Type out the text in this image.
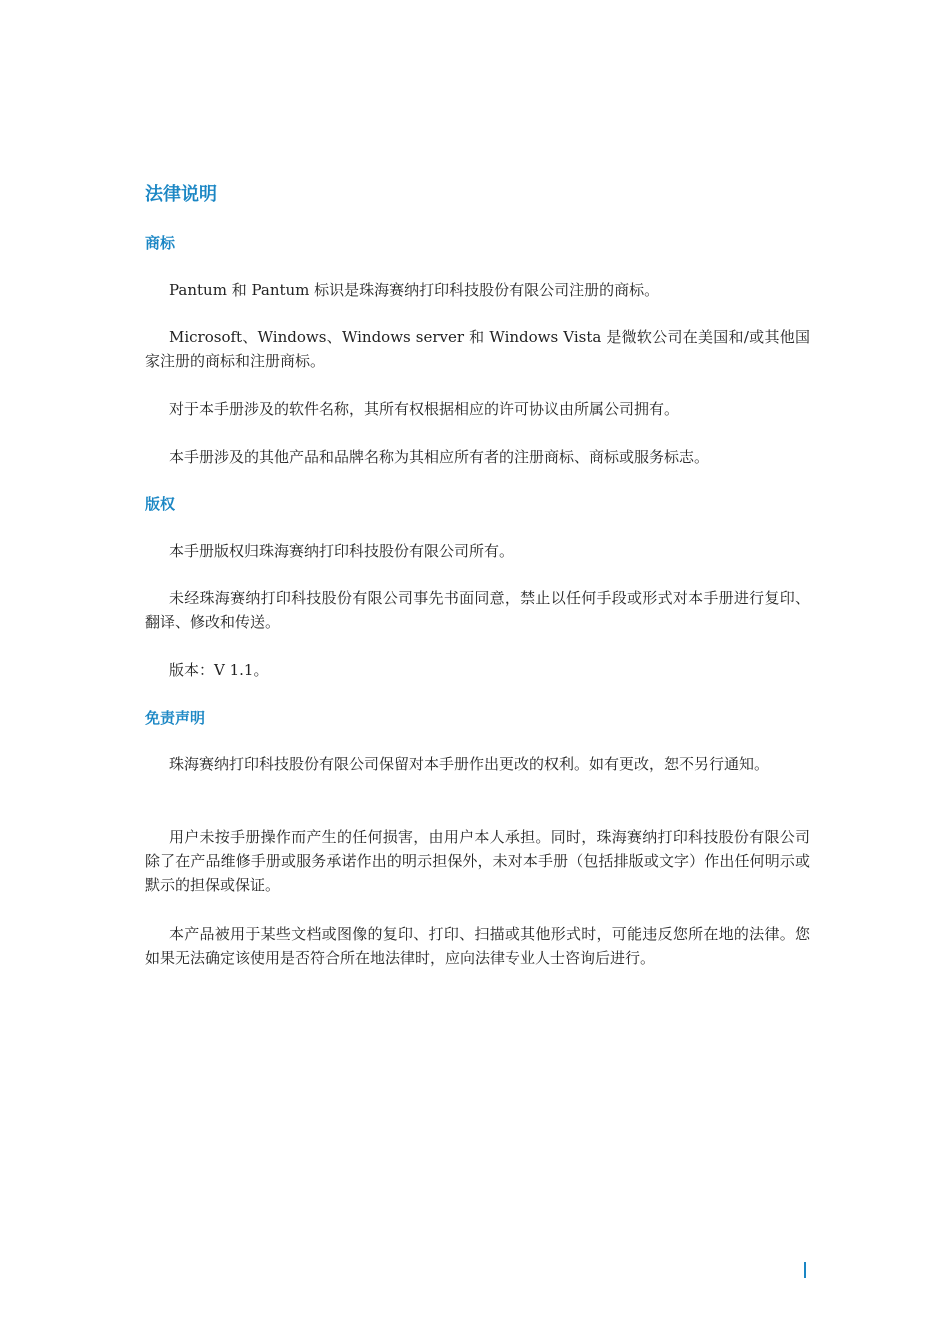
法律说明
商标
Pantum 和 Pantum 标识是珠海赛纳打印科技股份有限公司注册的商标。
Microsoft、Windows、Windows server 和 Windows Vista 是微软公司在美国和/或其他国家注册的商标和注册商标。
对于本手册涉及的软件名称，其所有权根据相应的许可协议由所属公司拥有。
本手册涉及的其他产品和品牌名称为其相应所有者的注册商标、商标或服务标志。
版权
本手册版权归珠海赛纳打印科技股份有限公司所有。
未经珠海赛纳打印科技股份有限公司事先书面同意，禁止以任何手段或形式对本手册进行复印、翻译、修改和传送。
版本：V 1.1。
免责声明
珠海赛纳打印科技股份有限公司保留对本手册作出更改的权利。如有更改，恕不另行通知。
用户未按手册操作而产生的任何损害，由用户本人承担。同时，珠海赛纳打印科技股份有限公司除了在产品维修手册或服务承诺作出的明示担保外，未对本手册（包括排版或文字）作出任何明示或默示的担保或保证。
本产品被用于某些文档或图像的复印、打印、扫描或其他形式时，可能违反您所在地的法律。您如果无法确定该使用是否符合所在地法律时，应向法律专业人士咨询后进行。
